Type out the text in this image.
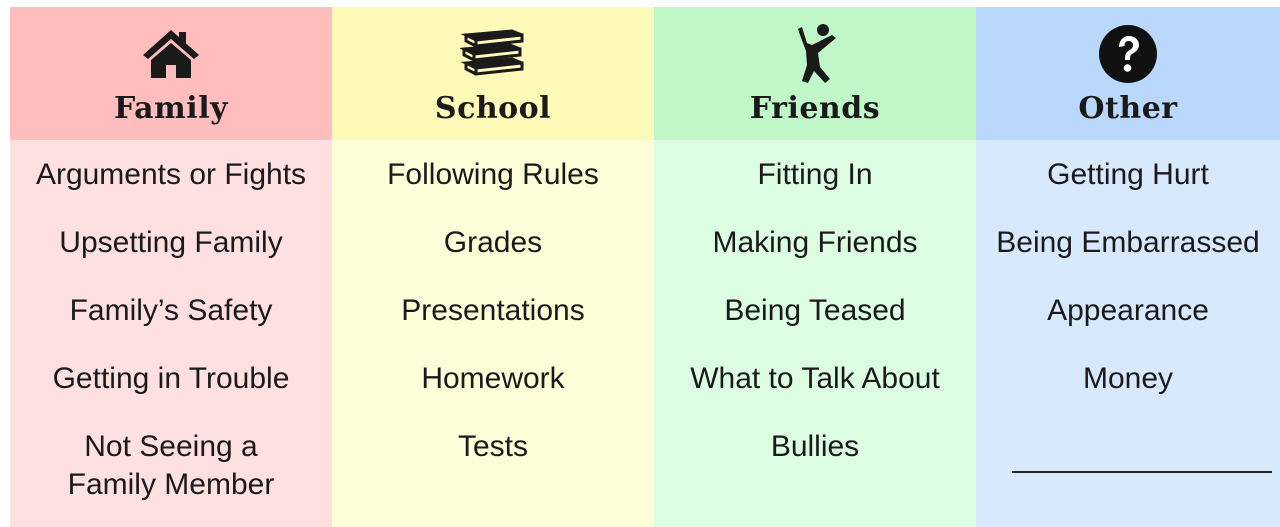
Family
Arguments or Fights
Upsetting Family
Family’s Safety
Getting in Trouble
Not Seeing a
Family Member
School
Following Rules
Grades
Presentations
Homework
Tests
Friends
Fitting In
Making Friends
Being Teased
What to Talk About
Bullies
Other
Getting Hurt
Being Embarrassed
Appearance
Money
